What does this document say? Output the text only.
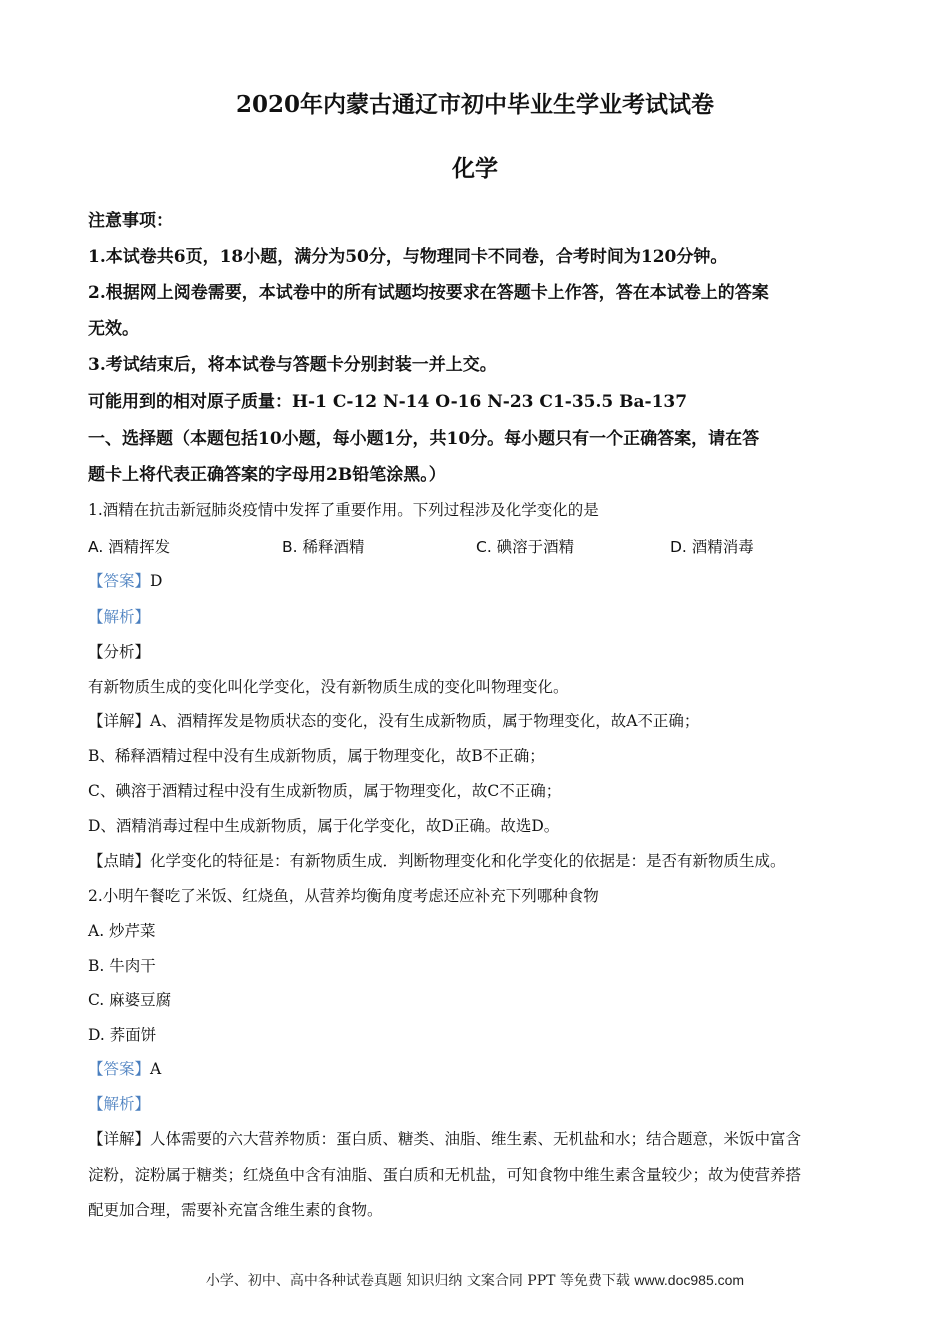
2020年内蒙古通辽市初中毕业生学业考试试卷
化学
注意事项：
1.本试卷共6页，18小题，满分为50分，与物理同卡不同卷，合考时间为120分钟。
2.根据网上阅卷需要，本试卷中的所有试题均按要求在答题卡上作答，答在本试卷上的答案
无效。
3.考试结束后，将本试卷与答题卡分别封装一并上交。
可能用到的相对原子质量：H-1 C-12 N-14 O-16 N-23 C1-35.5 Ba-137
一、选择题（本题包括10小题，每小题1分，共10分。每小题只有一个正确答案，请在答
题卡上将代表正确答案的字母用2B铅笔涂黑。）
1.酒精在抗击新冠肺炎疫情中发挥了重要作用。下列过程涉及化学变化的是
A. 酒精挥发	B. 稀释酒精	C. 碘溶于酒精	D. 酒精消毒
【答案】D
【解析】
【分析】
有新物质生成的变化叫化学变化，没有新物质生成的变化叫物理变化。
【详解】A、酒精挥发是物质状态的变化，没有生成新物质，属于物理变化，故A不正确；
B、稀释酒精过程中没有生成新物质，属于物理变化，故B不正确；
C、碘溶于酒精过程中没有生成新物质，属于物理变化，故C不正确；
D、酒精消毒过程中生成新物质，属于化学变化，故D正确。故选D。
【点睛】化学变化的特征是：有新物质生成．判断物理变化和化学变化的依据是：是否有新物质生成。
2.小明午餐吃了米饭、红烧鱼，从营养均衡角度考虑还应补充下列哪种食物
A. 炒芹菜
B. 牛肉干
C. 麻婆豆腐
D. 荞面饼
【答案】A
【解析】
【详解】人体需要的六大营养物质：蛋白质、糖类、油脂、维生素、无机盐和水；结合题意，米饭中富含
淀粉，淀粉属于糖类；红烧鱼中含有油脂、蛋白质和无机盐，可知食物中维生素含量较少；故为使营养搭
配更加合理，需要补充富含维生素的食物。
小学、初中、高中各种试卷真题 知识归纳 文案合同 PPT 等免费下载 www.doc985.com
